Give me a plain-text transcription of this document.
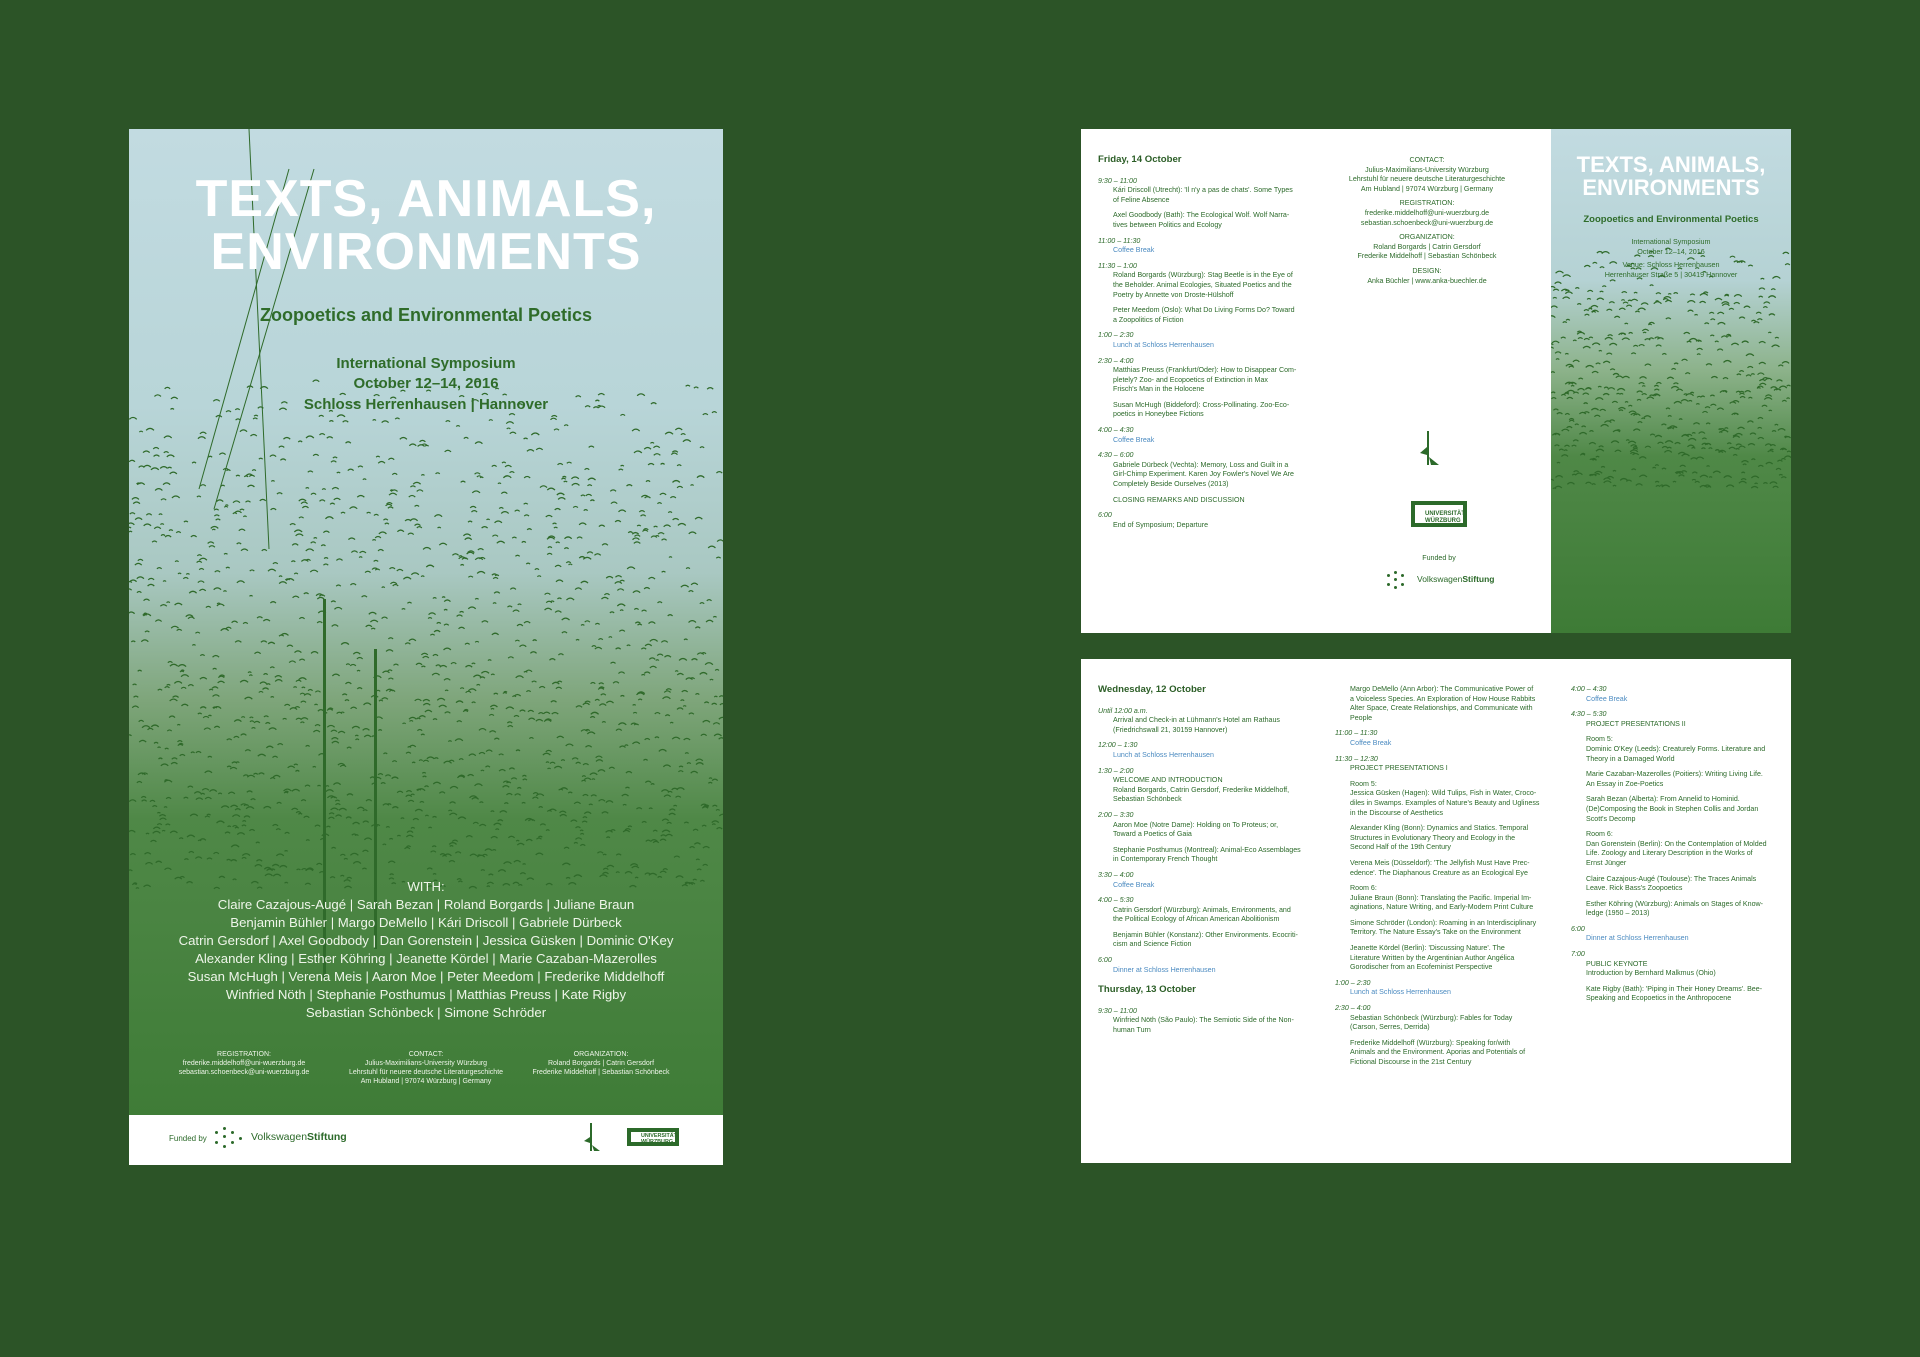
TEXTS, ANIMALS,
ENVIRONMENTS
Zoopoetics and Environmental Poetics
International Symposium
October 12–14, 2016
Schloss Herrenhausen | Hannover
WITH:
Claire Cazajous-Augé | Sarah Bezan | Roland Borgards | Juliane Braun
Benjamin Bühler | Margo DeMello | Kári Driscoll | Gabriele Dürbeck
Catrin Gersdorf | Axel Goodbody | Dan Gorenstein | Jessica Güsken | Dominic O'Key
Alexander Kling | Esther Köhring | Jeanette Kördel | Marie Cazaban-Mazerolles
Susan McHugh | Verena Meis | Aaron Moe | Peter Meedom | Frederike Middelhoff
Winfried Nöth | Stephanie Posthumus | Matthias Preuss | Kate Rigby
Sebastian Schönbeck | Simone Schröder
REGISTRATION:
frederike.middelhoff@uni-wuerzburg.de
sebastian.schoenbeck@uni-wuerzburg.de
CONTACT:
Julius-Maximilians-University Würzburg
Lehrstuhl für neuere deutsche Literaturgeschichte
Am Hubland | 97074 Würzburg | Germany
ORGANIZATION:
Roland Borgards | Catrin Gersdorf
Frederike Middelhoff | Sebastian Schönbeck
Funded by	VolkswagenStiftung	UNIVERSITÄT
WÜRZBURG
Friday, 14 October
9:30 – 11:00
Kári Driscoll (Utrecht): 'Il n'y a pas de chats'. Some Types
of Feline Absence
Axel Goodbody (Bath): The Ecological Wolf. Wolf Narra-
tives between Politics and Ecology
11:00 – 11:30
Coffee Break
11:30 – 1:00
Roland Borgards (Würzburg): Stag Beetle is in the Eye of
the Beholder. Animal Ecologies, Situated Poetics and the
Poetry by Annette von Droste-Hülshoff
Peter Meedom (Oslo): What Do Living Forms Do? Toward
a Zoopolitics of Fiction
1:00 – 2:30
Lunch at Schloss Herrenhausen
2:30 – 4:00
Matthias Preuss (Frankfurt/Oder): How to Disappear Com-
pletely? Zoo- and Ecopoetics of Extinction in Max
Frisch's Man in the Holocene
Susan McHugh (Biddeford): Cross-Pollinating. Zoo-Eco-
poetics in Honeybee Fictions
4:00 – 4:30
Coffee Break
4:30 – 6:00
Gabriele Dürbeck (Vechta): Memory, Loss and Guilt in a
Girl-Chimp Experiment. Karen Joy Fowler's Novel We Are
Completely Beside Ourselves (2013)
CLOSING REMARKS AND DISCUSSION
6:00
End of Symposium; Departure
CONTACT:
Julius-Maximilians-University Würzburg
Lehrstuhl für neuere deutsche Literaturgeschichte
Am Hubland | 97074 Würzburg | Germany
REGISTRATION:
frederike.middelhoff@uni-wuerzburg.de
sebastian.schoenbeck@uni-wuerzburg.de
ORGANIZATION:
Roland Borgards | Catrin Gersdorf
Frederike Middelhoff | Sebastian Schönbeck
DESIGN:
Anka Büchler | www.anka-buechler.de
UNIVERSITÄT
WÜRZBURG
Funded by
VolkswagenStiftung
TEXTS, ANIMALS,
ENVIRONMENTS
Zoopoetics and Environmental Poetics
International Symposium
October 12–14, 2016
Venue: Schloss Herrenhausen
Herrenhäuser Straße 5 | 30419 Hannover
Wednesday, 12 October
Until 12:00 a.m.
Arrival and Check-in at Lühmann's Hotel am Rathaus
(Friedrichswall 21, 30159 Hannover)
12:00 – 1:30
Lunch at Schloss Herrenhausen
1:30 – 2:00
WELCOME AND INTRODUCTION
Roland Borgards, Catrin Gersdorf, Frederike Middelhoff,
Sebastian Schönbeck
2:00 – 3:30
Aaron Moe (Notre Dame): Holding on To Proteus; or,
Toward a Poetics of Gaia
Stephanie Posthumus (Montreal): Animal-Eco Assemblages
in Contemporary French Thought
3:30 – 4:00
Coffee Break
4:00 – 5:30
Catrin Gersdorf (Würzburg): Animals, Environments, and
the Political Ecology of African American Abolitionism
Benjamin Bühler (Konstanz): Other Environments. Ecocriti-
cism and Science Fiction
6:00
Dinner at Schloss Herrenhausen
Thursday, 13 October
9:30 – 11:00
Winfried Nöth (São Paulo): The Semiotic Side of the Non-
human Turn
Margo DeMello (Ann Arbor): The Communicative Power of
a Voiceless Species. An Exploration of How House Rabbits
Alter Space, Create Relationships, and Communicate with
People
11:00 – 11:30
Coffee Break
11:30 – 12:30
PROJECT PRESENTATIONS I
Room 5:
Jessica Güsken (Hagen): Wild Tulips, Fish in Water, Croco-
diles in Swamps. Examples of Nature's Beauty and Ugliness
in the Discourse of Aesthetics
Alexander Kling (Bonn): Dynamics and Statics. Temporal
Structures in Evolutionary Theory and Ecology in the
Second Half of the 19th Century
Verena Meis (Düsseldorf): 'The Jellyfish Must Have Prec-
edence'. The Diaphanous Creature as an Ecological Eye
Room 6:
Juliane Braun (Bonn): Translating the Pacific. Imperial Im-
aginations, Nature Writing, and Early-Modern Print Culture
Simone Schröder (London): Roaming in an Interdisciplinary
Territory. The Nature Essay's Take on the Environment
Jeanette Kördel (Berlin): 'Discussing Nature'. The
Literature Written by the Argentinian Author Angélica
Gorodischer from an Ecofeminist Perspective
1:00 – 2:30
Lunch at Schloss Herrenhausen
2:30 – 4:00
Sebastian Schönbeck (Würzburg): Fables for Today
(Carson, Serres, Derrida)
Frederike Middelhoff (Würzburg): Speaking for/with
Animals and the Environment. Aporias and Potentials of
Fictional Discourse in the 21st Century
4:00 – 4:30
Coffee Break
4:30 – 5:30
PROJECT PRESENTATIONS II
Room 5:
Dominic O'Key (Leeds): Creaturely Forms. Literature and
Theory in a Damaged World
Marie Cazaban-Mazerolles (Poitiers): Writing Living Life.
An Essay in Zoe-Poetics
Sarah Bezan (Alberta): From Annelid to Hominid.
(De)Composing the Book in Stephen Collis and Jordan
Scott's Decomp
Room 6:
Dan Gorenstein (Berlin): On the Contemplation of Molded
Life. Zoology and Literary Description in the Works of
Ernst Jünger
Claire Cazajous-Augé (Toulouse): The Traces Animals
Leave. Rick Bass's Zoopoetics
Esther Köhring (Würzburg): Animals on Stages of Know-
ledge (1950 – 2013)
6:00
Dinner at Schloss Herrenhausen
7:00
PUBLIC KEYNOTE
Introduction by Bernhard Malkmus (Ohio)
Kate Rigby (Bath): 'Piping in Their Honey Dreams'. Bee-
Speaking and Ecopoetics in the Anthropocene
